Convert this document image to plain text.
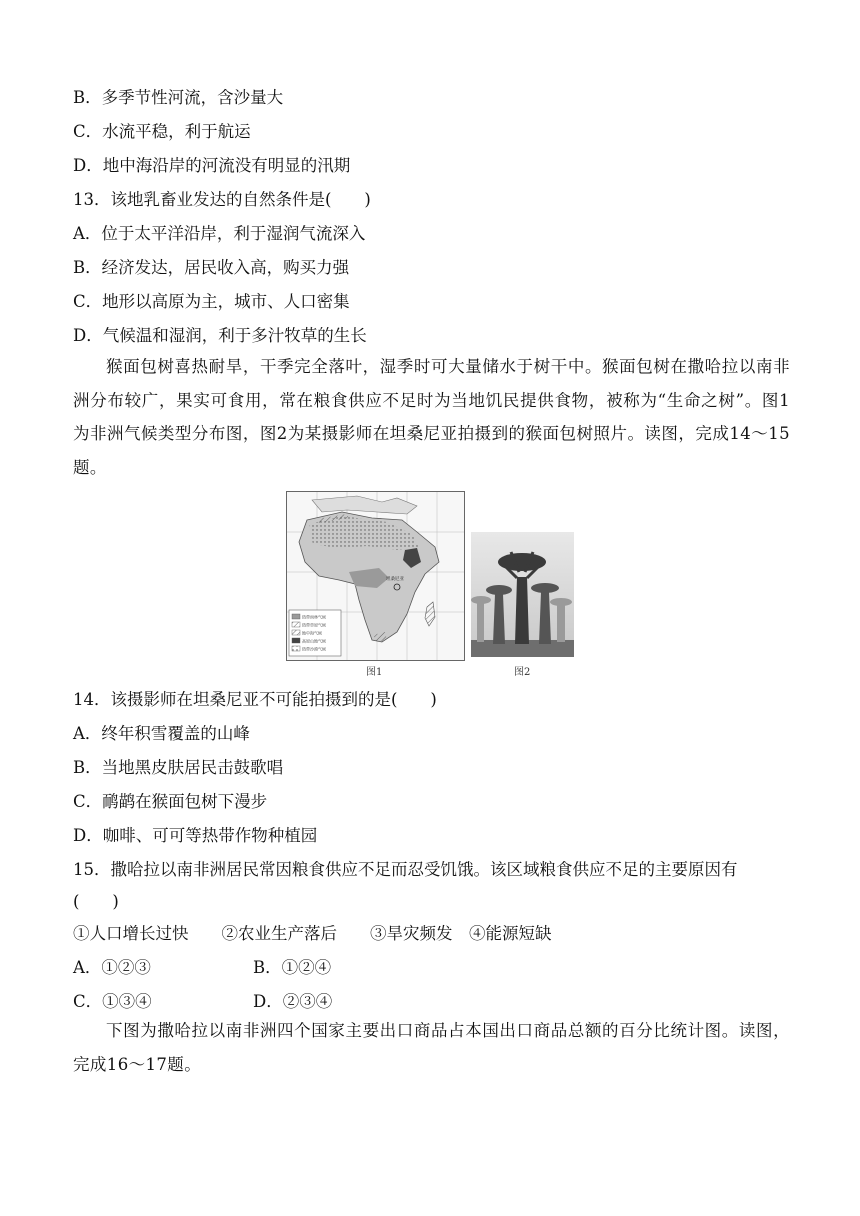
B．多季节性河流，含沙量大
C．水流平稳，利于航运
D．地中海沿岸的河流没有明显的汛期
13．该地乳畜业发达的自然条件是(　　)
A．位于太平洋沿岸，利于湿润气流深入
B．经济发达，居民收入高，购买力强
C．地形以高原为主，城市、人口密集
D．气候温和湿润，利于多汁牧草的生长
猴面包树喜热耐旱，干季完全落叶，湿季时可大量储水于树干中。猴面包树在撒哈拉以南非洲分布较广，果实可食用，常在粮食供应不足时为当地饥民提供食物，被称为“生命之树”。图1为非洲气候类型分布图，图2为某摄影师在坦桑尼亚拍摄到的猴面包树照片。读图，完成14～15题。
热带雨林气候
热带草原气候
地中海气候
高原山地气候
热带沙漠气候
坦桑尼亚
图1	图2
14．该摄影师在坦桑尼亚不可能拍摄到的是(　　)
A．终年积雪覆盖的山峰
B．当地黑皮肤居民击鼓歌唱
C．鸸鹋在猴面包树下漫步
D．咖啡、可可等热带作物种植园
15．撒哈拉以南非洲居民常因粮食供应不足而忍受饥饿。该区域粮食供应不足的主要原因有
(　　)
①人口增长过快　　②农业生产落后　　③旱灾频发　④能源短缺
A．①②③	B．①②④
C．①③④	D．②③④
下图为撒哈拉以南非洲四个国家主要出口商品占本国出口商品总额的百分比统计图。读图，完成16～17题。
